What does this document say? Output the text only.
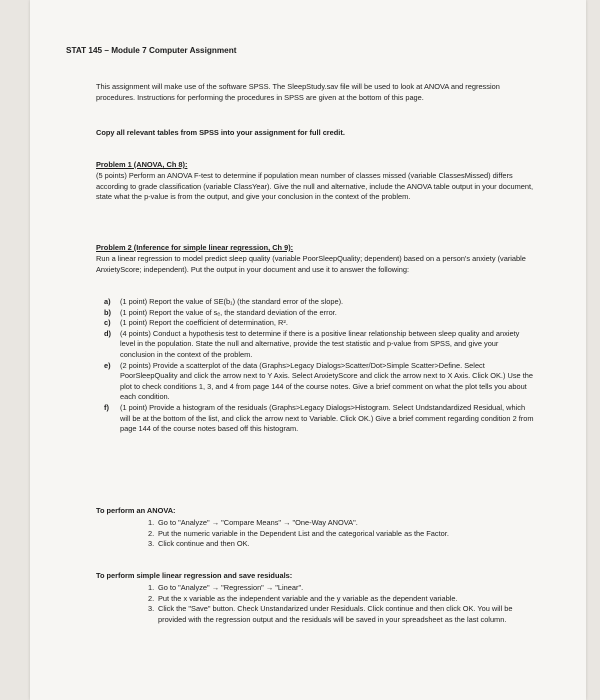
STAT 145 – Module 7 Computer Assignment
This assignment will make use of the software SPSS. The SleepStudy.sav file will be used to look at ANOVA and regression procedures. Instructions for performing the procedures in SPSS are given at the bottom of this page.
Copy all relevant tables from SPSS into your assignment for full credit.
Problem 1 (ANOVA, Ch 8):
(5 points) Perform an ANOVA F-test to determine if population mean number of classes missed (variable ClassesMissed) differs according to grade classification (variable ClassYear). Give the null and alternative, include the ANOVA table output in your document, state what the p-value is from the output, and give your conclusion in the context of the problem.
Problem 2 (Inference for simple linear regression, Ch 9):
Run a linear regression to model predict sleep quality (variable PoorSleepQuality; dependent) based on a person's anxiety (variable AnxietyScore; independent). Put the output in your document and use it to answer the following:
a) (1 point) Report the value of SE(b₁) (the standard error of the slope).
b) (1 point) Report the value of sₑ, the standard deviation of the error.
c) (1 point) Report the coefficient of determination, R².
d) (4 points) Conduct a hypothesis test to determine if there is a positive linear relationship between sleep quality and anxiety level in the population. State the null and alternative, provide the test statistic and p-value from SPSS, and give your conclusion in the context of the problem.
e) (2 points) Provide a scatterplot of the data (Graphs>Legacy Dialogs>Scatter/Dot>Simple Scatter>Define. Select PoorSleepQuality and click the arrow next to Y Axis. Select AnxietyScore and click the arrow next to X Axis. Click OK.) Use the plot to check conditions 1, 3, and 4 from page 144 of the course notes. Give a brief comment on what the plot tells you about each condition.
f) (1 point) Provide a histogram of the residuals (Graphs>Legacy Dialogs>Histogram. Select Undstandardized Residual, which will be at the bottom of the list, and click the arrow next to Variable. Click OK.) Give a brief comment regarding condition 2 from page 144 of the course notes based off this histogram.
To perform an ANOVA:
1. Go to "Analyze" → "Compare Means" → "One-Way ANOVA".
2. Put the numeric variable in the Dependent List and the categorical variable as the Factor.
3. Click continue and then OK.
To perform simple linear regression and save residuals:
1. Go to "Analyze" → "Regression" → "Linear".
2. Put the x variable as the independent variable and the y variable as the dependent variable.
3. Click the "Save" button. Check Unstandarized under Residuals. Click continue and then click OK. You will be provided with the regression output and the residuals will be saved in your spreadsheet as the last column.
